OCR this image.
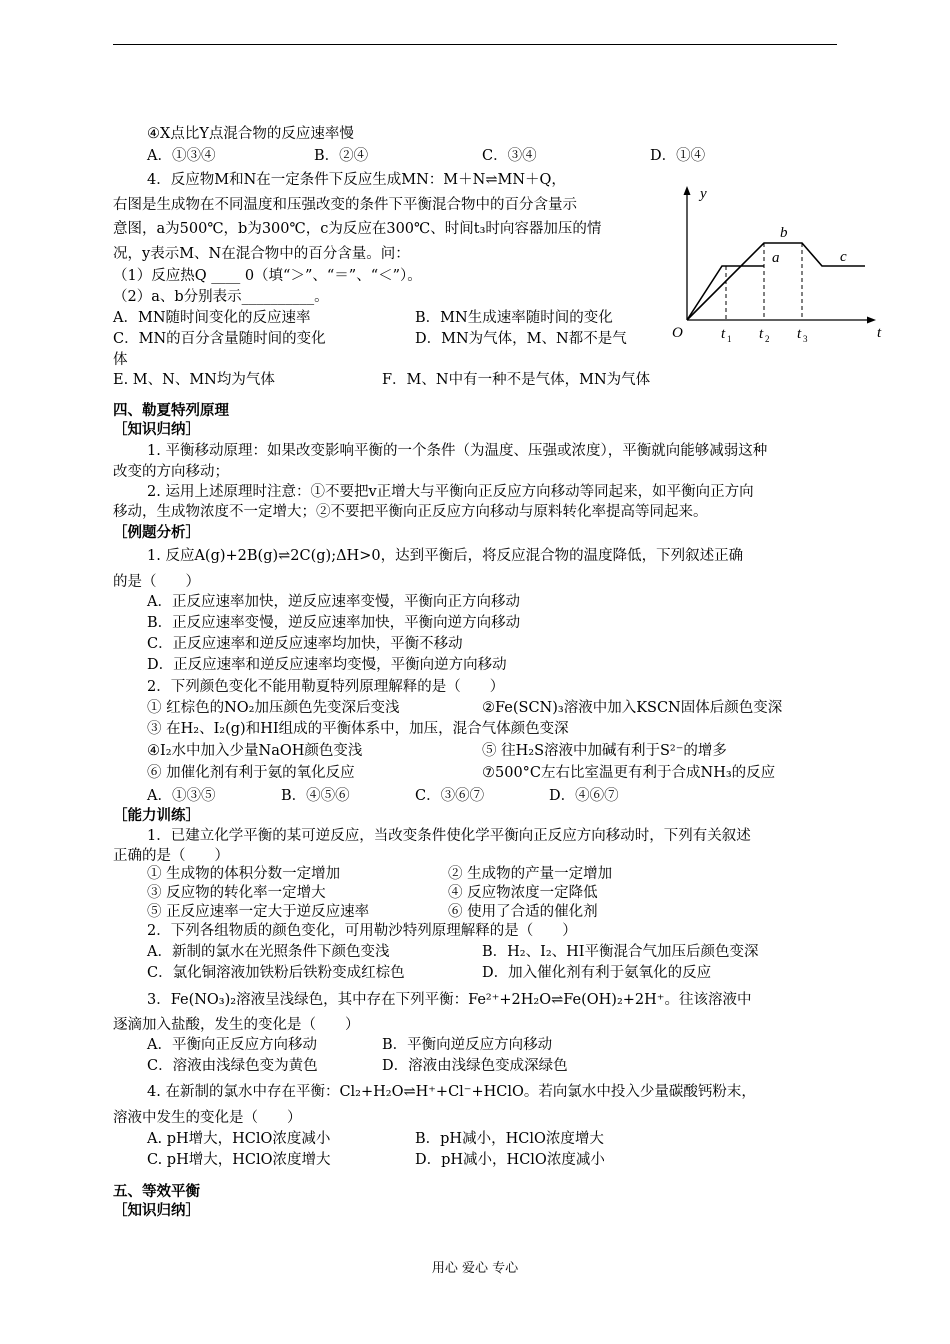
④X点比Y点混合物的反应速率慢
A．①③④	B．②④	C．③④	D．①④
4．反应物M和N在一定条件下反应生成MN：M＋N⇌MN＋Q，
右图是生成物在不同温度和压强改变的条件下平衡混合物中的百分含量示
意图，a为500℃，b为300℃，c为反应在300℃、时间t₃时向容器加压的情
况，y表示M、N在混合物中的百分含量。问：
（1）反应热Q ____ 0（填“＞”、“＝”、“＜”）。
（2）a、b分别表示__________。
A．MN随时间变化的反应速率	B．MN生成速率随时间的变化
C．MN的百分含量随时间的变化	D．MN为气体，M、N都不是气
体
E. M、N、MN均为气体	F．M、N中有一种不是气体，MN为气体
y
t
O	t 1 t 2 t 3
a
b
c
四、勒夏特列原理
［知识归纳］
1. 平衡移动原理：如果改变影响平衡的一个条件（为温度、压强或浓度），平衡就向能够减弱这种
改变的方向移动；
2. 运用上述原理时注意：①不要把v正增大与平衡向正反应方向移动等同起来，如平衡向正方向
移动，生成物浓度不一定增大；②不要把平衡向正反应方向移动与原料转化率提高等同起来。
［例题分析］
1. 反应A(g)+2B(g)⇌2C(g);ΔH>0，达到平衡后，将反应混合物的温度降低，下列叙述正确
的是（　　）
A．正反应速率加快，逆反应速率变慢，平衡向正方向移动
B．正反应速率变慢，逆反应速率加快，平衡向逆方向移动
C．正反应速率和逆反应速率均加快，平衡不移动
D．正反应速率和逆反应速率均变慢，平衡向逆方向移动
2．下列颜色变化不能用勒夏特列原理解释的是（　　）
① 红棕色的NO₂加压颜色先变深后变浅	②Fe(SCN)₃溶液中加入KSCN固体后颜色变深
③ 在H₂、I₂(g)和HI组成的平衡体系中，加压，混合气体颜色变深
④I₂水中加入少量NaOH颜色变浅	⑤ 往H₂S溶液中加碱有利于S²⁻的增多
⑥ 加催化剂有利于氨的氧化反应	⑦500°C左右比室温更有利于合成NH₃的反应
A．①③⑤	B．④⑤⑥	C．③⑥⑦	D．④⑥⑦
［能力训练］
1．已建立化学平衡的某可逆反应，当改变条件使化学平衡向正反应方向移动时，下列有关叙述
正确的是（　　）
① 生成物的体积分数一定增加	② 生成物的产量一定增加
③ 反应物的转化率一定增大	④ 反应物浓度一定降低
⑤ 正反应速率一定大于逆反应速率	⑥ 使用了合适的催化剂
2．下列各组物质的颜色变化，可用勒沙特列原理解释的是（　　）
A．新制的氯水在光照条件下颜色变浅	B．H₂、I₂、HI平衡混合气加压后颜色变深
C．氯化铜溶液加铁粉后铁粉变成红棕色	D．加入催化剂有利于氨氧化的反应
3．Fe(NO₃)₂溶液呈浅绿色，其中存在下列平衡：Fe²⁺+2H₂O⇌Fe(OH)₂+2H⁺。往该溶液中
逐滴加入盐酸，发生的变化是（　　）
A．平衡向正反应方向移动	B．平衡向逆反应方向移动
C．溶液由浅绿色变为黄色	D．溶液由浅绿色变成深绿色
4. 在新制的氯水中存在平衡：Cl₂+H₂O⇌H⁺+Cl⁻+HClO。若向氯水中投入少量碳酸钙粉末，
溶液中发生的变化是（　　）
A. pH增大，HClO浓度减小	B．pH减小，HClO浓度增大
C. pH增大，HClO浓度增大	D．pH减小，HClO浓度减小
五、等效平衡
［知识归纳］
用心 爱心 专心
